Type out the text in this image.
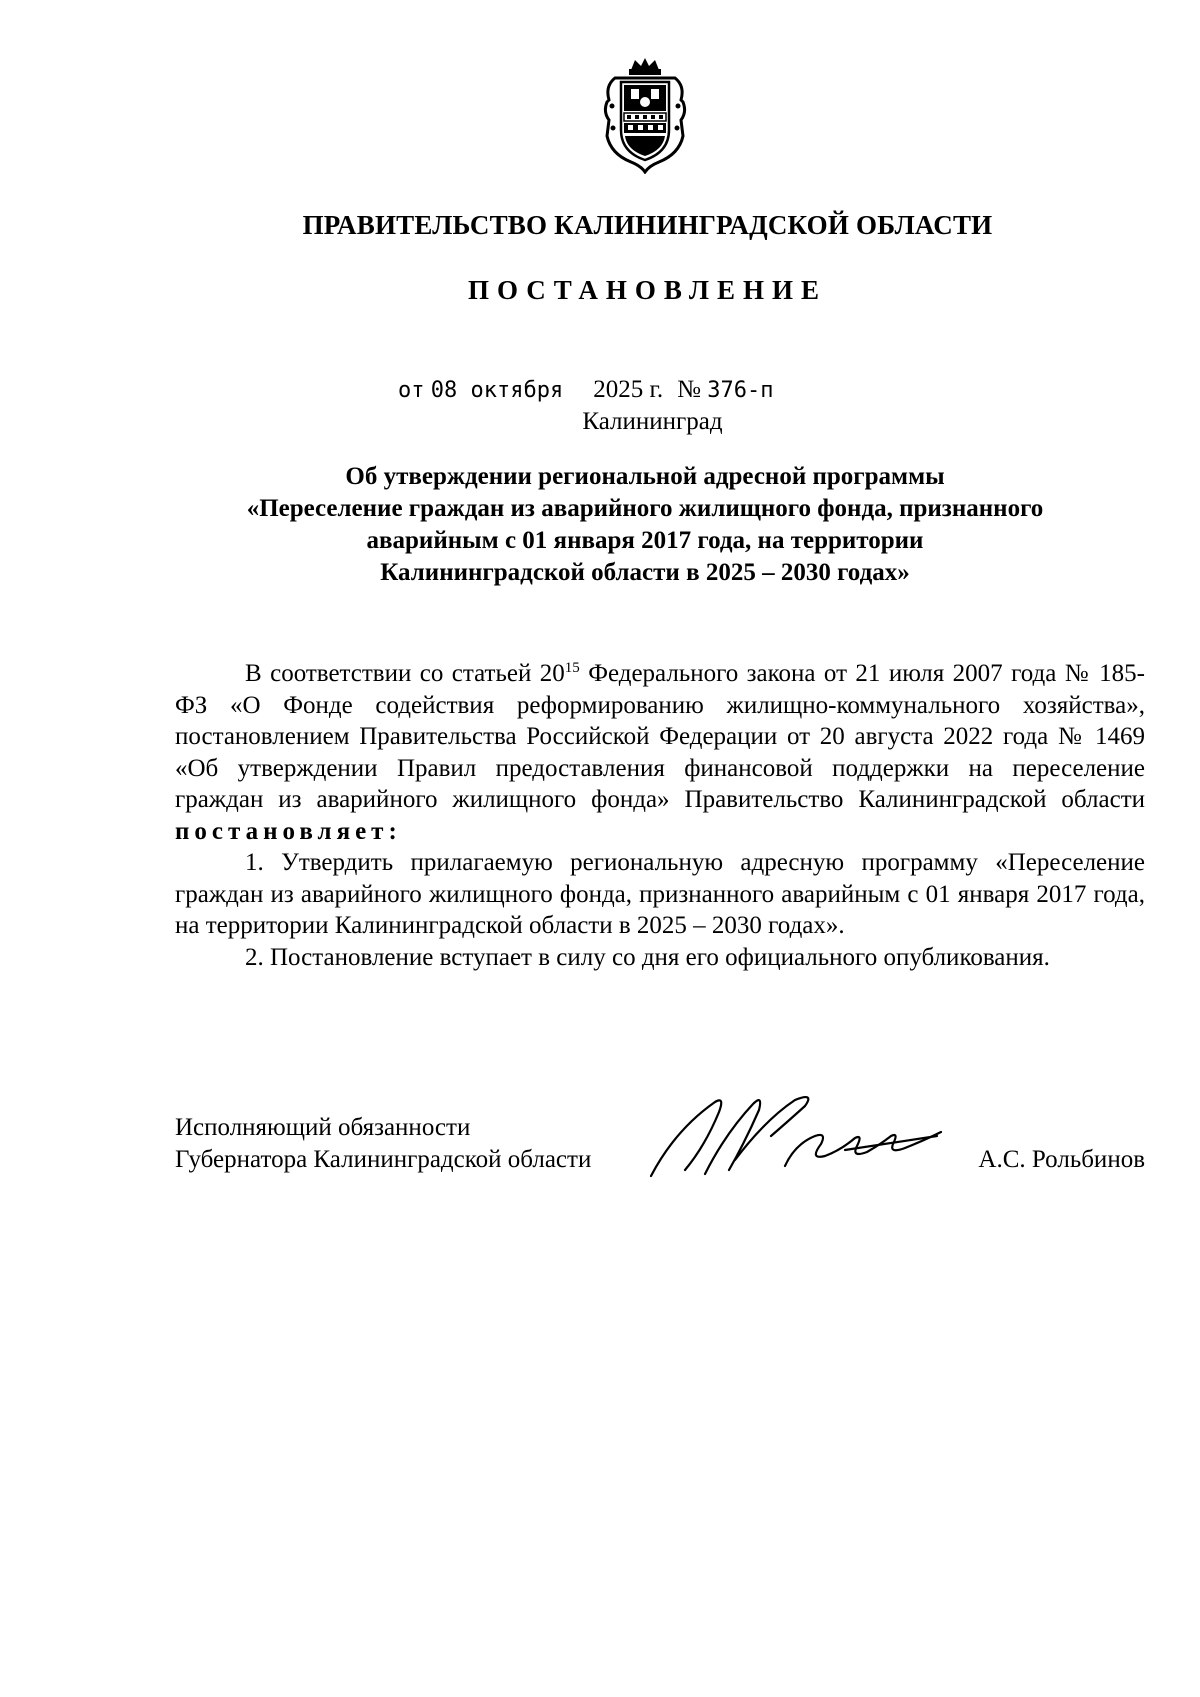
ПРАВИТЕЛЬСТВО КАЛИНИНГРАДСКОЙ ОБЛАСТИ
ПОСТАНОВЛЕНИЕ
от 08 октября 2025 г. № 376-п
Калининград
Об утверждении региональной адресной программы
«Переселение граждан из аварийного жилищного фонда, признанного
аварийным с 01 января 2017 года, на территории
Калининградской области в 2025 – 2030 годах»

В соответствии со статьей $20^{15}$ Федерального закона от 21 июля 2007 года № 185-ФЗ «О Фонде содействия реформированию жилищно-коммунального хозяйства», постановлением Правительства Российской Федерации от 20 августа 2022 года № 1469 «Об утверждении Правил предоставления финансовой поддержки на переселение граждан из аварийного жилищного фонда» Правительство Калининградской области постановляет:

1. Утвердить прилагаемую региональную адресную программу «Переселение граждан из аварийного жилищного фонда, признанного аварийным с 01 января 2017 года, на территории Калининградской области в 2025 – 2030 годах».

2. Постановление вступает в силу со дня его официального опубликования.

Исполняющий обязанности
Губернатора Калининградской области	А.С. Рольбинов
